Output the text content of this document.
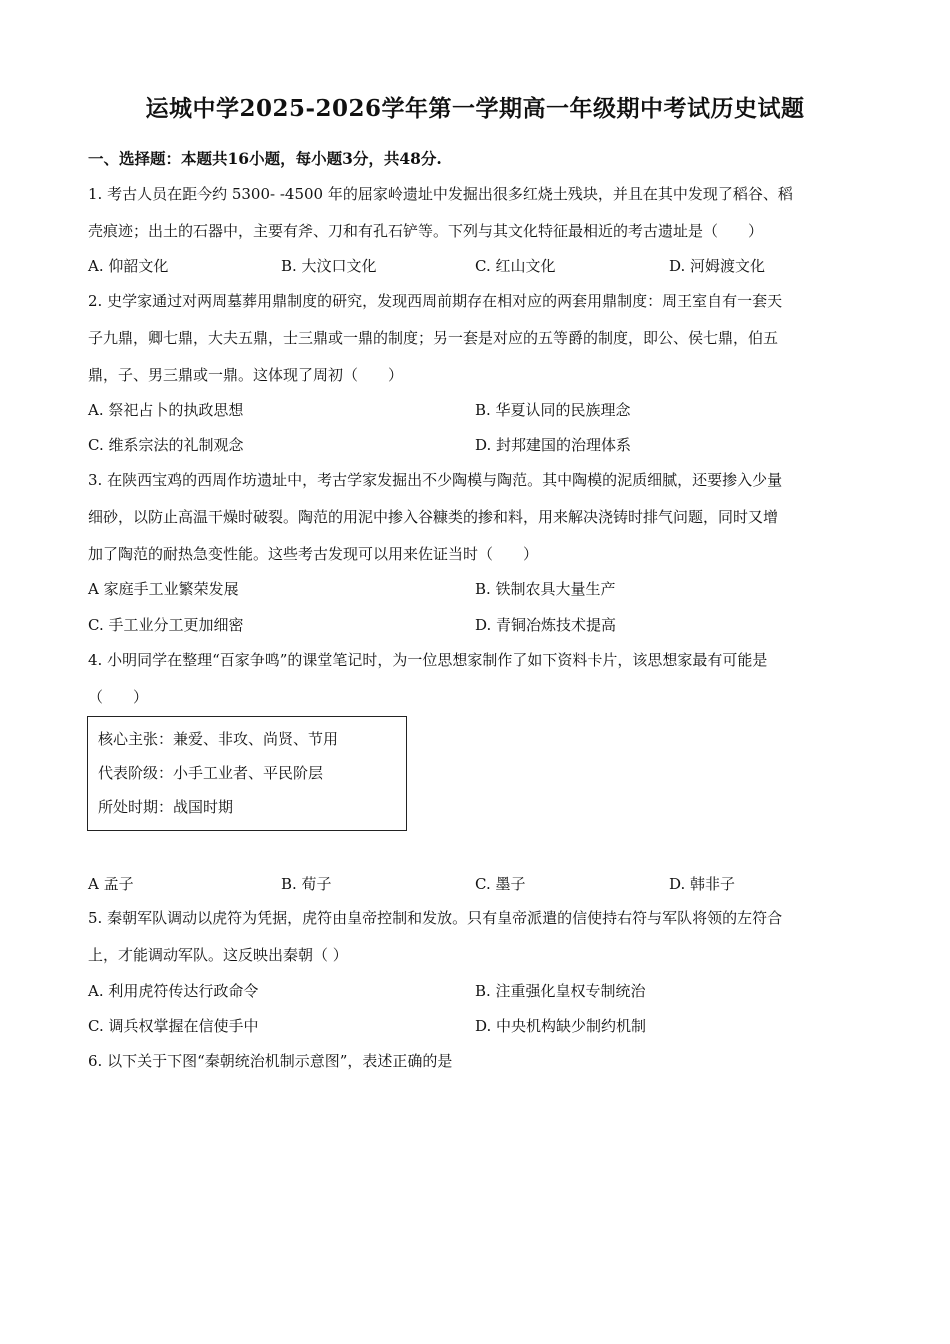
运城中学2025-2026学年第一学期高一年级期中考试历史试题
一、选择题：本题共16小题，每小题3分，共48分.
1. 考古人员在距今约 5300- -4500 年的屈家岭遗址中发掘出很多红烧土残块，并且在其中发现了稻谷、稻
壳痕迹；出土的石器中，主要有斧、刀和有孔石铲等。下列与其文化特征最相近的考古遗址是（　　）
A. 仰韶文化	B. 大汶口文化	C. 红山文化	D. 河姆渡文化
2. 史学家通过对两周墓葬用鼎制度的研究，发现西周前期存在相对应的两套用鼎制度：周王室自有一套天
子九鼎，卿七鼎，大夫五鼎，士三鼎或一鼎的制度；另一套是对应的五等爵的制度，即公、侯七鼎，伯五
鼎，子、男三鼎或一鼎。这体现了周初（　　）
A. 祭祀占卜的执政思想	B. 华夏认同的民族理念
C. 维系宗法的礼制观念	D. 封邦建国的治理体系
3. 在陕西宝鸡的西周作坊遗址中，考古学家发掘出不少陶模与陶范。其中陶模的泥质细腻，还要掺入少量
细砂，以防止高温干燥时破裂。陶范的用泥中掺入谷糠类的掺和料，用来解决浇铸时排气问题，同时又增
加了陶范的耐热急变性能。这些考古发现可以用来佐证当时（　　）
A 家庭手工业繁荣发展	B. 铁制农具大量生产
C. 手工业分工更加细密	D. 青铜冶炼技术提高
4. 小明同学在整理“百家争鸣”的课堂笔记时，为一位思想家制作了如下资料卡片，该思想家最有可能是
（　　）
核心主张：兼爱、非攻、尚贤、节用
代表阶级：小手工业者、平民阶层
所处时期：战国时期
A 孟子	B. 荀子	C. 墨子	D. 韩非子
5. 秦朝军队调动以虎符为凭据，虎符由皇帝控制和发放。只有皇帝派遣的信使持右符与军队将领的左符合
上，才能调动军队。这反映出秦朝（ ）
A. 利用虎符传达行政命令	B. 注重强化皇权专制统治
C. 调兵权掌握在信使手中	D. 中央机构缺少制约机制
6. 以下关于下图“秦朝统治机制示意图”，表述正确的是
